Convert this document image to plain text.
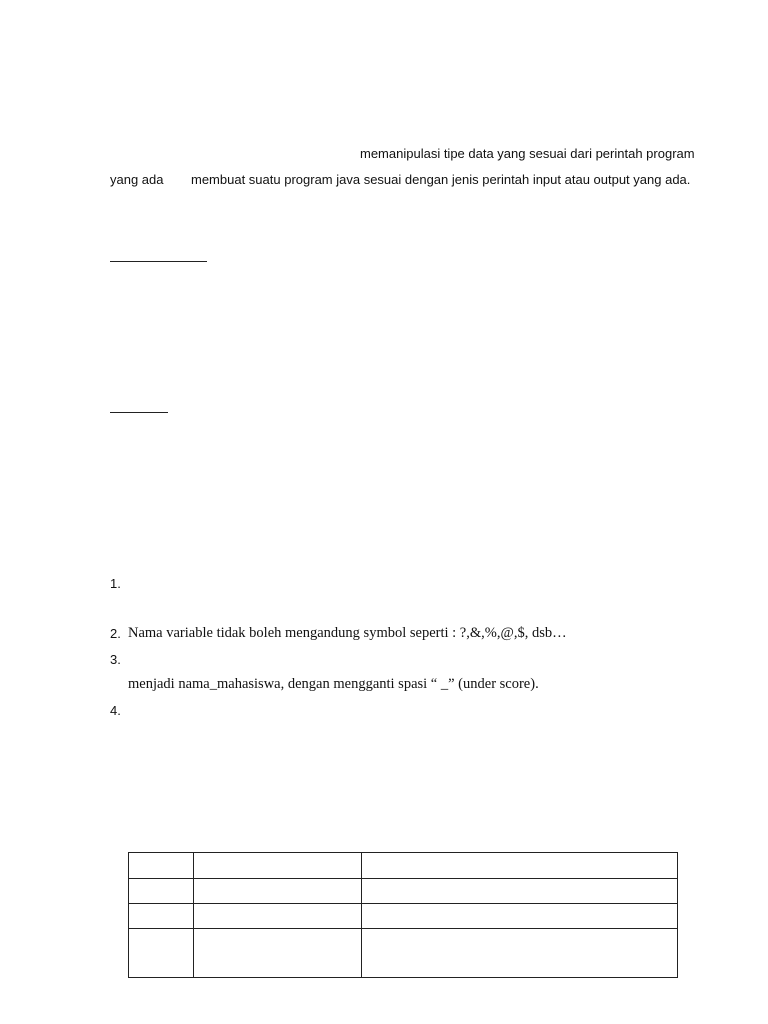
memanipulasi tipe data yang sesuai dari perintah program
yang ada membuat suatu program java sesuai dengan jenis perintah input atau output yang ada.
1.
2. Nama variable tidak boleh mengandung symbol seperti : ?,&,%,@,$, dsb…
3.
menjadi nama_mahasiswa, dengan mengganti spasi “ _” (under score).
4.
